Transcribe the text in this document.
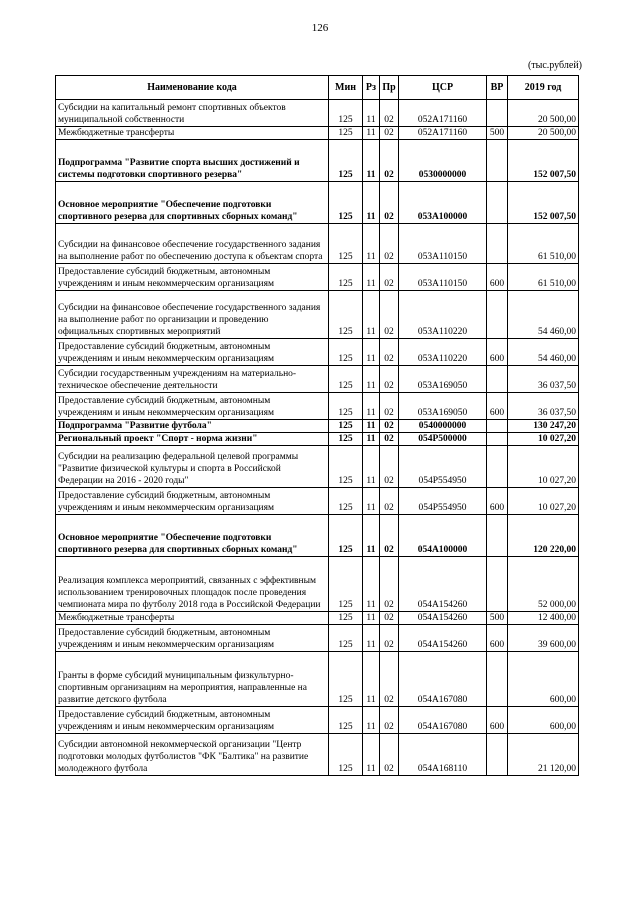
126
(тыс.рублей)
Наименование кода	Мин	Рз	Пр	ЦСР	ВР	2019 год
Субсидии на капитальный ремонт спортивных объектов муниципальной собственности	125	11	02	052A171160		20 500,00
Межбюджетные трансферты	125	11	02	052A171160	500	20 500,00
Подпрограмма "Развитие спорта высших достижений и системы подготовки спортивного резерва"	125	11	02	0530000000		152 007,50
Основное мероприятие "Обеспечение подготовки спортивного резерва для спортивных сборных команд"	125	11	02	053A100000		152 007,50
Субсидии на финансовое обеспечение государственного задания на выполнение работ по обеспечению доступа к объектам спорта	125	11	02	053A110150		61 510,00
Предоставление субсидий бюджетным, автономным учреждениям и иным некоммерческим организациям	125	11	02	053A110150	600	61 510,00
Субсидии на финансовое обеспечение государственного задания на выполнение работ по организации и проведению официальных спортивных мероприятий	125	11	02	053A110220		54 460,00
Предоставление субсидий бюджетным, автономным учреждениям и иным некоммерческим организациям	125	11	02	053A110220	600	54 460,00
Субсидии государственным учреждениям на материально-техническое обеспечение деятельности	125	11	02	053A169050		36 037,50
Предоставление субсидий бюджетным, автономным учреждениям и иным некоммерческим организациям	125	11	02	053A169050	600	36 037,50
Подпрограмма "Развитие футбола"	125	11	02	0540000000		130 247,20
Региональный проект "Спорт - норма жизни"	125	11	02	054P500000		10 027,20
Субсидии на реализацию федеральной целевой программы "Развитие физической культуры и спорта в Российской Федерации на 2016 - 2020 годы"	125	11	02	054P554950		10 027,20
Предоставление субсидий бюджетным, автономным учреждениям и иным некоммерческим организациям	125	11	02	054P554950	600	10 027,20
Основное мероприятие "Обеспечение подготовки спортивного резерва для спортивных сборных команд"	125	11	02	054A100000		120 220,00
Реализация комплекса мероприятий, связанных с эффективным использованием тренировочных площадок после проведения чемпионата мира по футболу 2018 года в Российской Федерации	125	11	02	054A154260		52 000,00
Межбюджетные трансферты	125	11	02	054A154260	500	12 400,00
Предоставление субсидий бюджетным, автономным учреждениям и иным некоммерческим организациям	125	11	02	054A154260	600	39 600,00
Гранты в форме субсидий муниципальным физкультурно-спортивным организациям на мероприятия, направленные на развитие детского футбола	125	11	02	054A167080		600,00
Предоставление субсидий бюджетным, автономным учреждениям и иным некоммерческим организациям	125	11	02	054A167080	600	600,00
Субсидии автономной некоммерческой организации "Центр подготовки молодых футболистов "ФК "Балтика" на развитие молодежного футбола	125	11	02	054A168110		21 120,00
